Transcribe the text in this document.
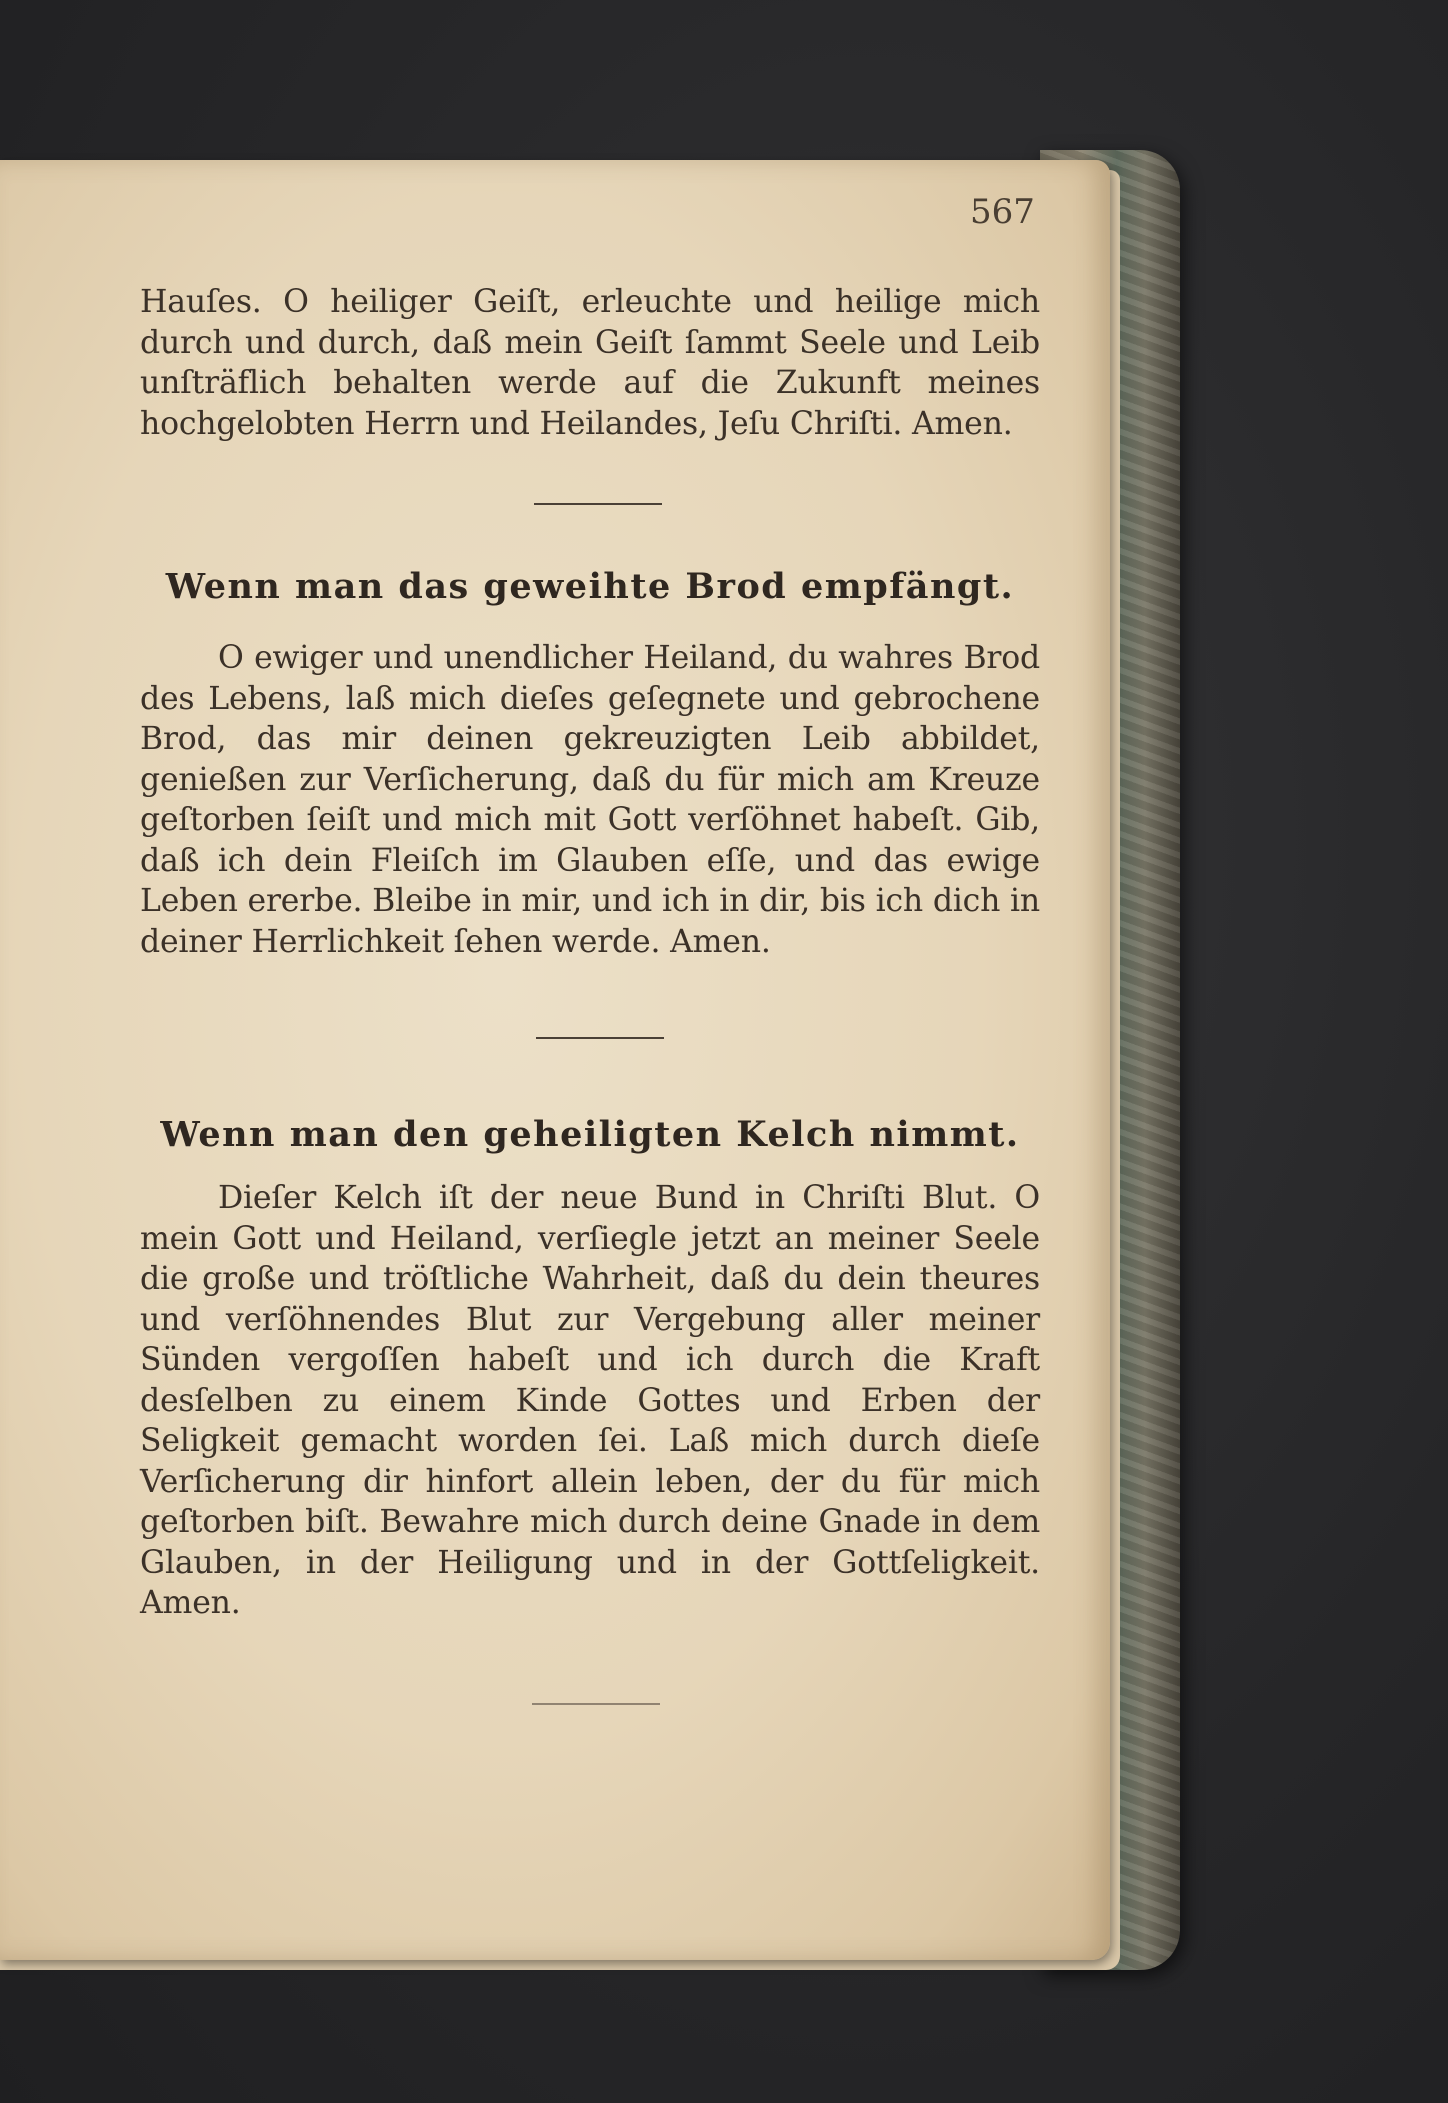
567
Hauſes. O heiliger Geiſt, erleuchte und heilige mich durch und durch, daß mein Geiſt ſammt Seele und Leib unſträflich behalten werde auf die Zukunft meines hochgelobten Herrn und Heilandes, Jeſu Chriſti. Amen.
Wenn man das geweihte Brod empfängt.
O ewiger und unendlicher Heiland, du wahres Brod des Lebens, laß mich dieſes geſegnete und gebrochene Brod, das mir deinen gekreuzigten Leib abbildet, genießen zur Verſicherung, daß du für mich am Kreuze geſtorben ſeiſt und mich mit Gott verſöhnet habeſt. Gib, daß ich dein Fleiſch im Glauben eſſe, und das ewige Leben ererbe. Bleibe in mir, und ich in dir, bis ich dich in deiner Herrlichkeit ſehen werde. Amen.
Wenn man den geheiligten Kelch nimmt.
Dieſer Kelch iſt der neue Bund in Chriſti Blut. O mein Gott und Heiland, verſiegle jetzt an meiner Seele die große und tröſtliche Wahrheit, daß du dein theures und verſöhnendes Blut zur Vergebung aller meiner Sünden vergoſſen habeſt und ich durch die Kraft desſelben zu einem Kinde Gottes und Erben der Seligkeit gemacht worden ſei. Laß mich durch dieſe Verſicherung dir hinfort allein leben, der du für mich geſtorben biſt. Bewahre mich durch deine Gnade in dem Glauben, in der Heiligung und in der Gottſeligkeit. Amen.
